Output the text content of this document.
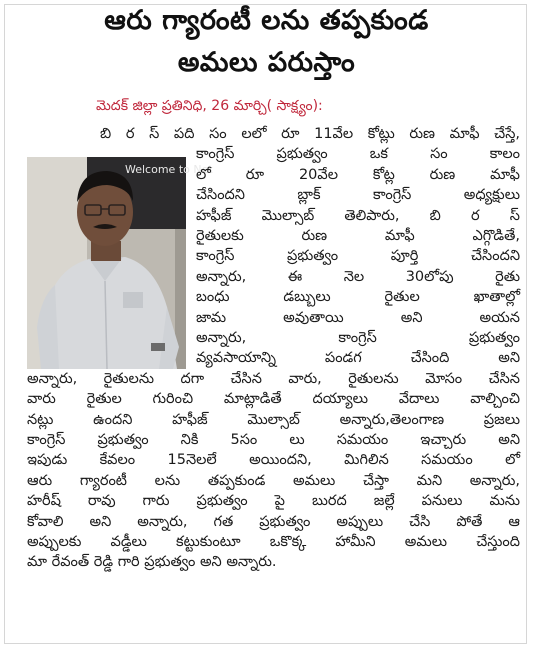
ఆరు గ్యారంటీ లను తప్పకుండ
అమలు పరుస్తాం
మెదక్ జిల్లా ప్రతినిధి, 26 మార్చి( సాక్ష్యం):
Welcome to Net
బి ర స్ పది సం లలో రూ 11వేల కోట్లు రుణ మాఫీ చేస్తే,
కాంగ్రెస్ ప్రభుత్వం ఒక సం కాలం
లో రూ 20వేల కోట్ల రుణ మాఫీ
చేసిందని బ్లాక్ కాంగ్రెస్ అధ్యక్షులు
హఫీజ్ మొల్సాబ్ తెలిపారు, బి ర స్
రైతులకు రుణ మాఫీ ఎగ్గొడితే,
కాంగ్రెస్ ప్రభుత్వం పూర్తి చేసిందని
అన్నారు, ఈ నెల 30లోపు రైతు
బంధు డబ్బులు రైతుల ఖాతాల్లో
జామ అవుతాయి అని అయన
అన్నారు, కాంగ్రెస్ ప్రభుత్వం
వ్యవసాయాన్ని పండగ చేసింది అని
అన్నారు, రైతులను దగా చేసిన వారు, రైతులను మోసం చేసిన
వారు రైతుల గురించి మాట్లాడితే దయ్యాలు వేదాలు వాల్చించి
నట్లు ఉందని హఫీజ్ మొల్సాబ్ అన్నారు,తెలంగాణ ప్రజలు
కాంగ్రెస్ ప్రభుత్వం నికి 5సం లు సమయం ఇచ్చారు అని
ఇపుడు కేవలం 15నెలలే అయిందని, మిగిలిన సమయం లో
ఆరు గ్యారంటీ లను తప్పకుండ అమలు చేస్తా మని అన్నారు,
హరీష్ రావు గారు ప్రభుత్వం పై బురద జల్లే పనులు మను
కోవాలి అని అన్నారు, గత ప్రభుత్వం అప్పులు చేసి పోతే ఆ
అప్పులకు వడ్డీలు కట్టుకుంటూ ఒకొక్క హామీని అమలు చేస్తుంది
మా రేవంత్ రెడ్డి గారి ప్రభుత్వం అని అన్నారు.
